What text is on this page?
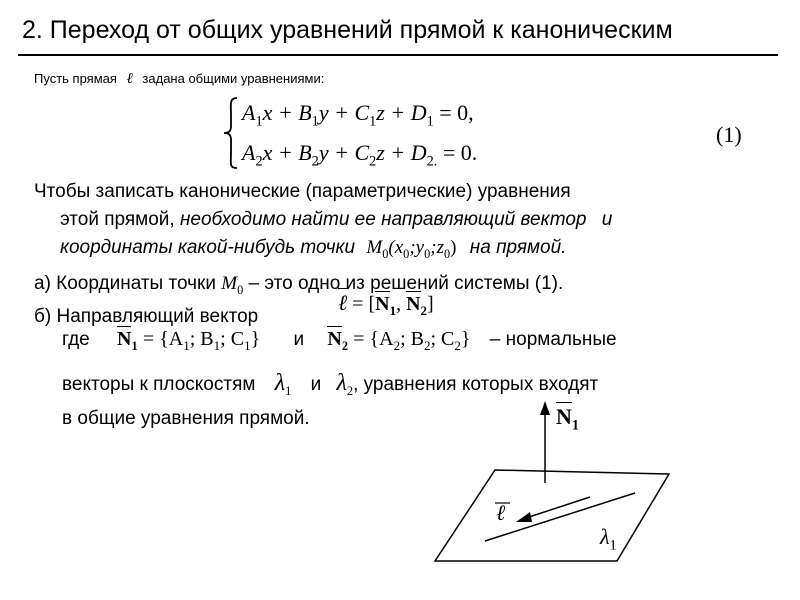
2. Переход от общих уравнений прямой к каноническим
Пусть прямая ℓ задана общими уравнениями:
$A_1x + B_1y + C_1z + D_1 = 0$,
$A_2x + B_2y + C_2z + D_{2.} = 0$.
(1)
Чтобы записать канонические (параметрические) уравнения
этой прямой, необходимо найти ее направляющий вектор и
координаты какой-нибудь точки $M_0(x_0;y_0;z_0)$ на прямой.
а) Координаты точки $M_0$ – это одно из решений системы (1).
б) Направляющий вектор
ℓ = [$N_1$, $N_2$]
где $N_1 = \{A_1$; $B_1$; $C_1$} и $N_2 = \{A_2$; $B_2$; $C_2$} – нормальные
векторы к плоскостям $\lambda_1$ и $\lambda_2$, уравнения которых входят
в общие уравнения прямой.	$N_1$
ℓ
$\lambda_1$
